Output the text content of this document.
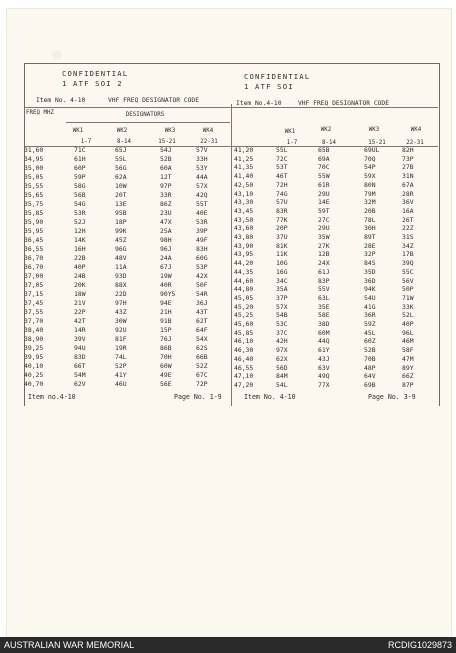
CONFIDENTIAL
1 ATF SOI 2
Item No. 4-10	VHF FREQ DESIGNATOR CODE
CONFIDENTIAL
1 ATF SOI
Item No.4-10	VHF FREQ DESIGNATOR CODE
FREQ MHZ	DESIGNATORS
WK1	WK2	WK3	WK4
1-7	8-14	15-21	22-31
WK1	WK2	WK3	WK4
1-7	8-14	15-21	22-31
31,60	71C	65J	54J	57V
34,95	61H	55L	52B	33H
35,00	60P	56G	60A	53Y
35,05	59P	62A	12T	44A
35,55	58G	10W	97P	57X
35,65	56B	20T	33R	42Q
35,75	54G	13E	86Z	55T
35,85	53R	95B	23U	40E
35,90	52J	18P	47X	53R
35,95	12H	99K	25A	39P
36,45	14K	45Z	98H	49F
36,55	16H	96G	96J	83H
36,70	22B	48V	24A	60G
36,70	40P	11A	67J	53P
37,00	24B	93D	19W	42X
37,05	20K	88X	40R	50F
37,15	18W	22D	90Y5	54R
37,45	21V	97H	94E	36J
37,55	22P	43Z	21H	43T
37,70	42T	30W	91B	62T
38,40	14R	92U	15P	64F
38,90	39V	81F	76J	54X
39,25	94U	19R	86B	62S
39,95	83D	74L	70H	66B
40,10	66T	52P	60W	52Z
40,25	54M	41Y	49E	67C
40,70	62V	46U	56E	72P
41,20	55L	65B	69UL	82H
41,25	72C	69A	70Q	73P
41,35	53T	70C	54P	27B
41,40	46T	55W	59X	31N
42,50	72H	61R	80N	67A
43,10	74G	29U	79M	28R
43,30	57U	14E	32M	36V
43,45	83R	59T	20B	16A
43,50	77K	27C	78L	26T
43,60	20P	29U	30H	22Z
43,80	37U	35W	89T	31S
43,90	81K	27K	28E	34Z
43,95	11K	12B	32P	17B
44,20	10G	24X	84S	39Q
44,35	16G	61J	35D	55C
44,60	34C	83P	36D	56V
44,80	35A	55V	94K	50P
45,05	37P	63L	54U	71W
45,20	57X	35E	41G	33K
45,25	54B	58E	36R	52L
45,60	53C	38D	59Z	40P
45,85	37C	60M	45L	96L
46,10	42H	44Q	60Z	46M
46,30	97X	61Y	52B	58F
46,40	62X	43J	70B	47M
46,55	56D	63V	48P	89Y
47,10	84M	49Q	64V	66Z
47,20	54L	77X	69B	87P
Item no.4-10	Page No. 1-9	Item No. 4-10	Page No. 3-9
AUSTRALIAN WAR MEMORIAL	RCDIG1029873
